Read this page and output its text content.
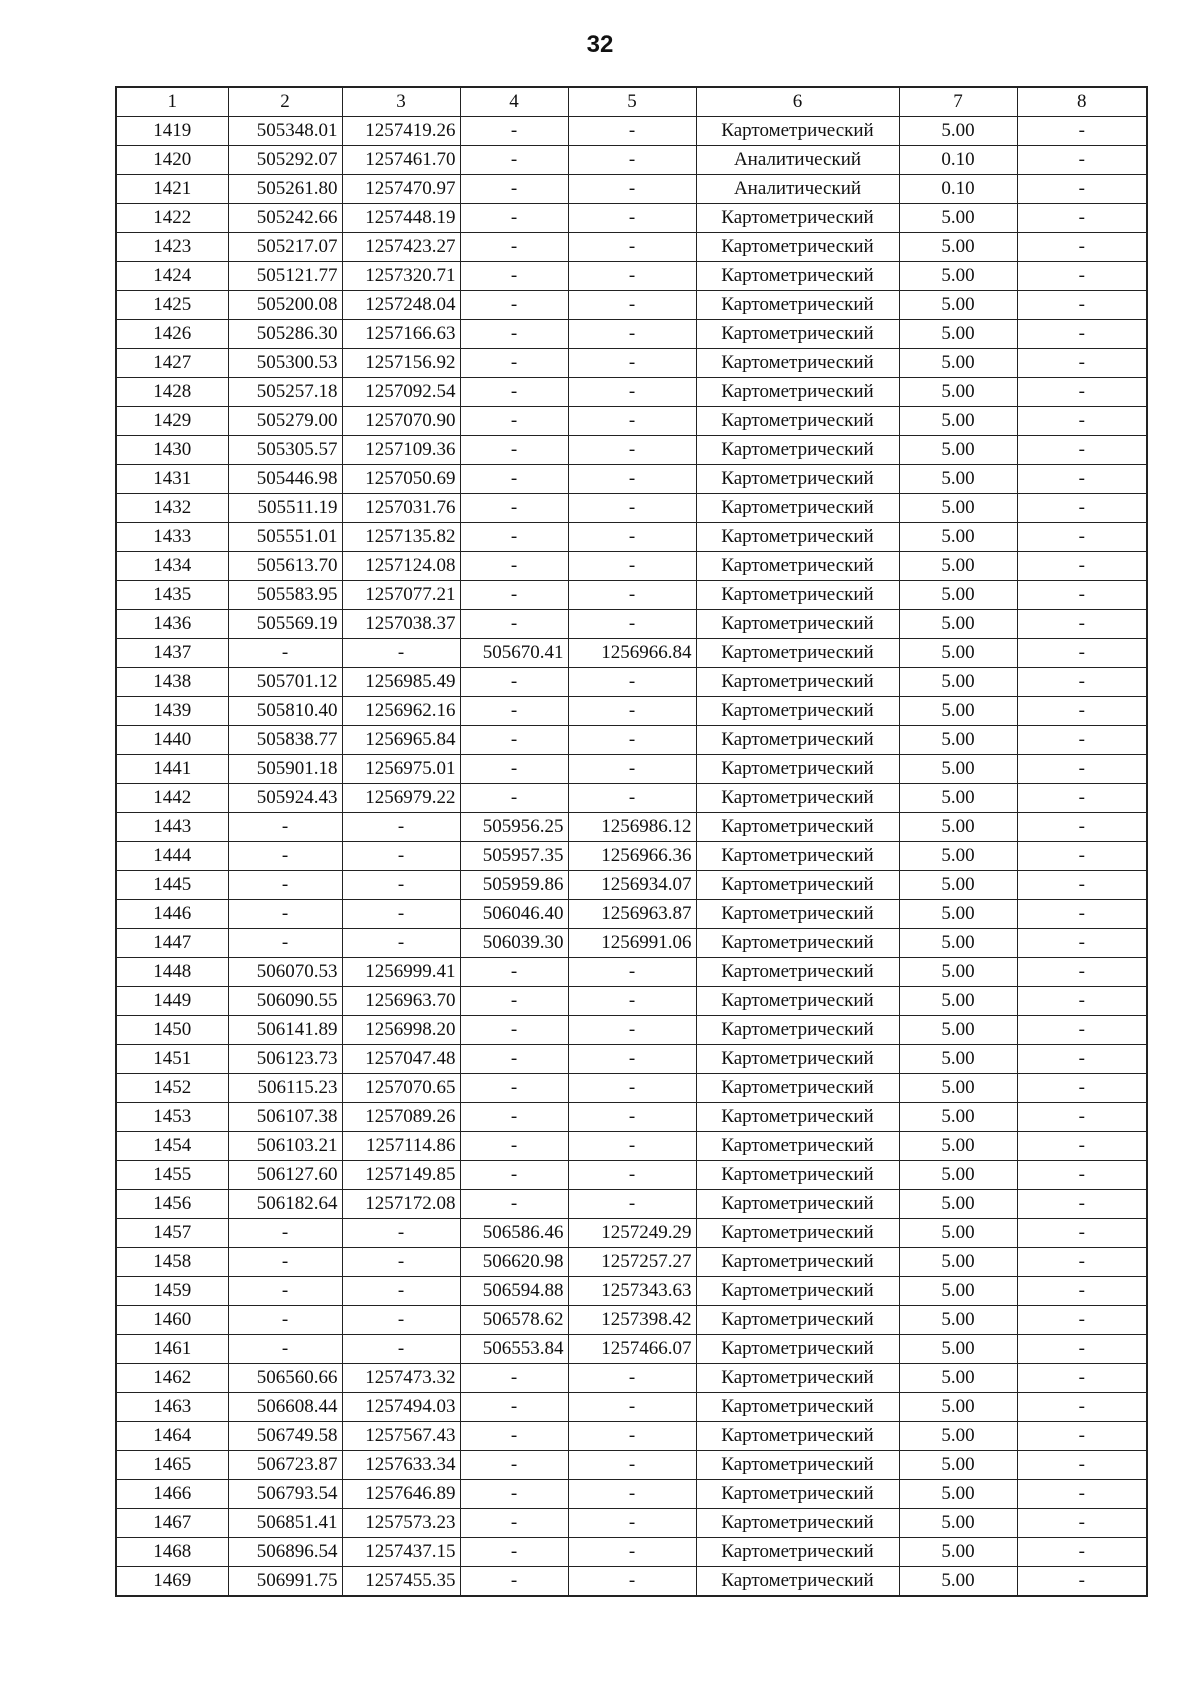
32
1	2	3	4	5	6	7	8
1419	505348.01	1257419.26	-	-	Картометрический	5.00	-
1420	505292.07	1257461.70	-	-	Аналитический	0.10	-
1421	505261.80	1257470.97	-	-	Аналитический	0.10	-
1422	505242.66	1257448.19	-	-	Картометрический	5.00	-
1423	505217.07	1257423.27	-	-	Картометрический	5.00	-
1424	505121.77	1257320.71	-	-	Картометрический	5.00	-
1425	505200.08	1257248.04	-	-	Картометрический	5.00	-
1426	505286.30	1257166.63	-	-	Картометрический	5.00	-
1427	505300.53	1257156.92	-	-	Картометрический	5.00	-
1428	505257.18	1257092.54	-	-	Картометрический	5.00	-
1429	505279.00	1257070.90	-	-	Картометрический	5.00	-
1430	505305.57	1257109.36	-	-	Картометрический	5.00	-
1431	505446.98	1257050.69	-	-	Картометрический	5.00	-
1432	505511.19	1257031.76	-	-	Картометрический	5.00	-
1433	505551.01	1257135.82	-	-	Картометрический	5.00	-
1434	505613.70	1257124.08	-	-	Картометрический	5.00	-
1435	505583.95	1257077.21	-	-	Картометрический	5.00	-
1436	505569.19	1257038.37	-	-	Картометрический	5.00	-
1437	-	-	505670.41	1256966.84	Картометрический	5.00	-
1438	505701.12	1256985.49	-	-	Картометрический	5.00	-
1439	505810.40	1256962.16	-	-	Картометрический	5.00	-
1440	505838.77	1256965.84	-	-	Картометрический	5.00	-
1441	505901.18	1256975.01	-	-	Картометрический	5.00	-
1442	505924.43	1256979.22	-	-	Картометрический	5.00	-
1443	-	-	505956.25	1256986.12	Картометрический	5.00	-
1444	-	-	505957.35	1256966.36	Картометрический	5.00	-
1445	-	-	505959.86	1256934.07	Картометрический	5.00	-
1446	-	-	506046.40	1256963.87	Картометрический	5.00	-
1447	-	-	506039.30	1256991.06	Картометрический	5.00	-
1448	506070.53	1256999.41	-	-	Картометрический	5.00	-
1449	506090.55	1256963.70	-	-	Картометрический	5.00	-
1450	506141.89	1256998.20	-	-	Картометрический	5.00	-
1451	506123.73	1257047.48	-	-	Картометрический	5.00	-
1452	506115.23	1257070.65	-	-	Картометрический	5.00	-
1453	506107.38	1257089.26	-	-	Картометрический	5.00	-
1454	506103.21	1257114.86	-	-	Картометрический	5.00	-
1455	506127.60	1257149.85	-	-	Картометрический	5.00	-
1456	506182.64	1257172.08	-	-	Картометрический	5.00	-
1457	-	-	506586.46	1257249.29	Картометрический	5.00	-
1458	-	-	506620.98	1257257.27	Картометрический	5.00	-
1459	-	-	506594.88	1257343.63	Картометрический	5.00	-
1460	-	-	506578.62	1257398.42	Картометрический	5.00	-
1461	-	-	506553.84	1257466.07	Картометрический	5.00	-
1462	506560.66	1257473.32	-	-	Картометрический	5.00	-
1463	506608.44	1257494.03	-	-	Картометрический	5.00	-
1464	506749.58	1257567.43	-	-	Картометрический	5.00	-
1465	506723.87	1257633.34	-	-	Картометрический	5.00	-
1466	506793.54	1257646.89	-	-	Картометрический	5.00	-
1467	506851.41	1257573.23	-	-	Картометрический	5.00	-
1468	506896.54	1257437.15	-	-	Картометрический	5.00	-
1469	506991.75	1257455.35	-	-	Картометрический	5.00	-
